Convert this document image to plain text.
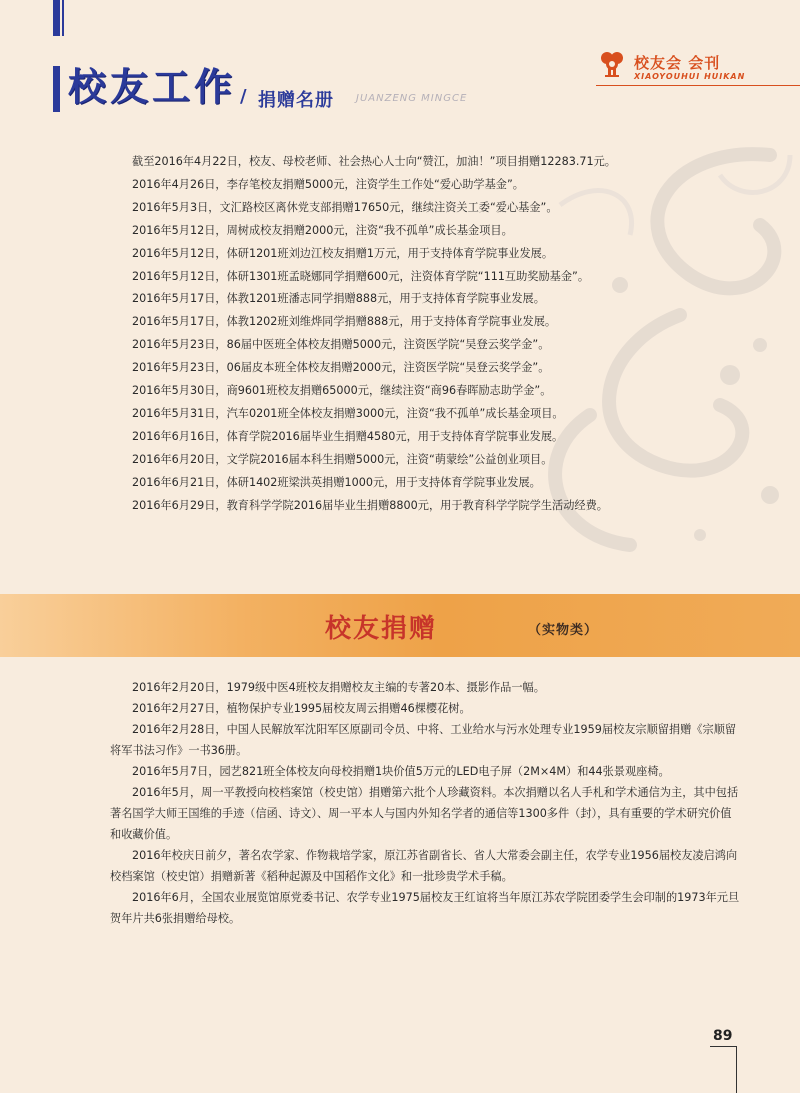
校友工作 / 捐赠名册 JUANZENG MINGCE
校友会 会刊
XIAOYOUHUI HUIKAN
截至2016年4月22日，校友、母校老师、社会热心人士向“赞江，加油！”项目捐赠12283.71元。
2016年4月26日，李存笔校友捐赠5000元，注资学生工作处“爱心助学基金”。
2016年5月3日，文汇路校区离休党支部捐赠17650元，继续注资关工委“爱心基金”。
2016年5月12日，周树成校友捐赠2000元，注资“我不孤单”成长基金项目。
2016年5月12日，体研1201班刘边江校友捐赠1万元，用于支持体育学院事业发展。
2016年5月12日，体研1301班孟晓娜同学捐赠600元，注资体育学院“111互助奖励基金”。
2016年5月17日，体教1201班潘志同学捐赠888元，用于支持体育学院事业发展。
2016年5月17日，体教1202班刘维烨同学捐赠888元，用于支持体育学院事业发展。
2016年5月23日，86届中医班全体校友捐赠5000元，注资医学院“吴登云奖学金”。
2016年5月23日，06届皮本班全体校友捐赠2000元，注资医学院“吴登云奖学金”。
2016年5月30日，商9601班校友捐赠65000元，继续注资“商96春晖励志助学金”。
2016年5月31日，汽车0201班全体校友捐赠3000元，注资“我不孤单”成长基金项目。
2016年6月16日，体育学院2016届毕业生捐赠4580元，用于支持体育学院事业发展。
2016年6月20日，文学院2016届本科生捐赠5000元，注资“萌蒙绘”公益创业项目。
2016年6月21日，体研1402班梁洪英捐赠1000元，用于支持体育学院事业发展。
2016年6月29日，教育科学学院2016届毕业生捐赠8800元，用于教育科学学院学生活动经费。
校友捐赠	（实物类）

2016年2月20日，1979级中医4班校友捐赠校友主编的专著20本、摄影作品一幅。

2016年2月27日，植物保护专业1995届校友周云捐赠46棵樱花树。

2016年2月28日，中国人民解放军沈阳军区原副司令员、中将、工业给水与污水处理专业1959届校友宗顺留捐赠《宗顺留将军书法习作》一书36册。

2016年5月7日，园艺821班全体校友向母校捐赠1块价值5万元的LED电子屏（2M×4M）和44张景观座椅。

2016年5月，周一平教授向校档案馆（校史馆）捐赠第六批个人珍藏资料。本次捐赠以名人手札和学术通信为主，其中包括著名国学大师王国维的手迹（信函、诗文）、周一平本人与国内外知名学者的通信等1300多件（封），具有重要的学术研究价值和收藏价值。

2016年校庆日前夕，著名农学家、作物栽培学家，原江苏省副省长、省人大常委会副主任，农学专业1956届校友凌启鸿向校档案馆（校史馆）捐赠新著《稻种起源及中国稻作文化》和一批珍贵学术手稿。

2016年6月，全国农业展览馆原党委书记、农学专业1975届校友王红谊将当年原江苏农学院团委学生会印制的1973年元旦贺年片共6张捐赠给母校。

89
